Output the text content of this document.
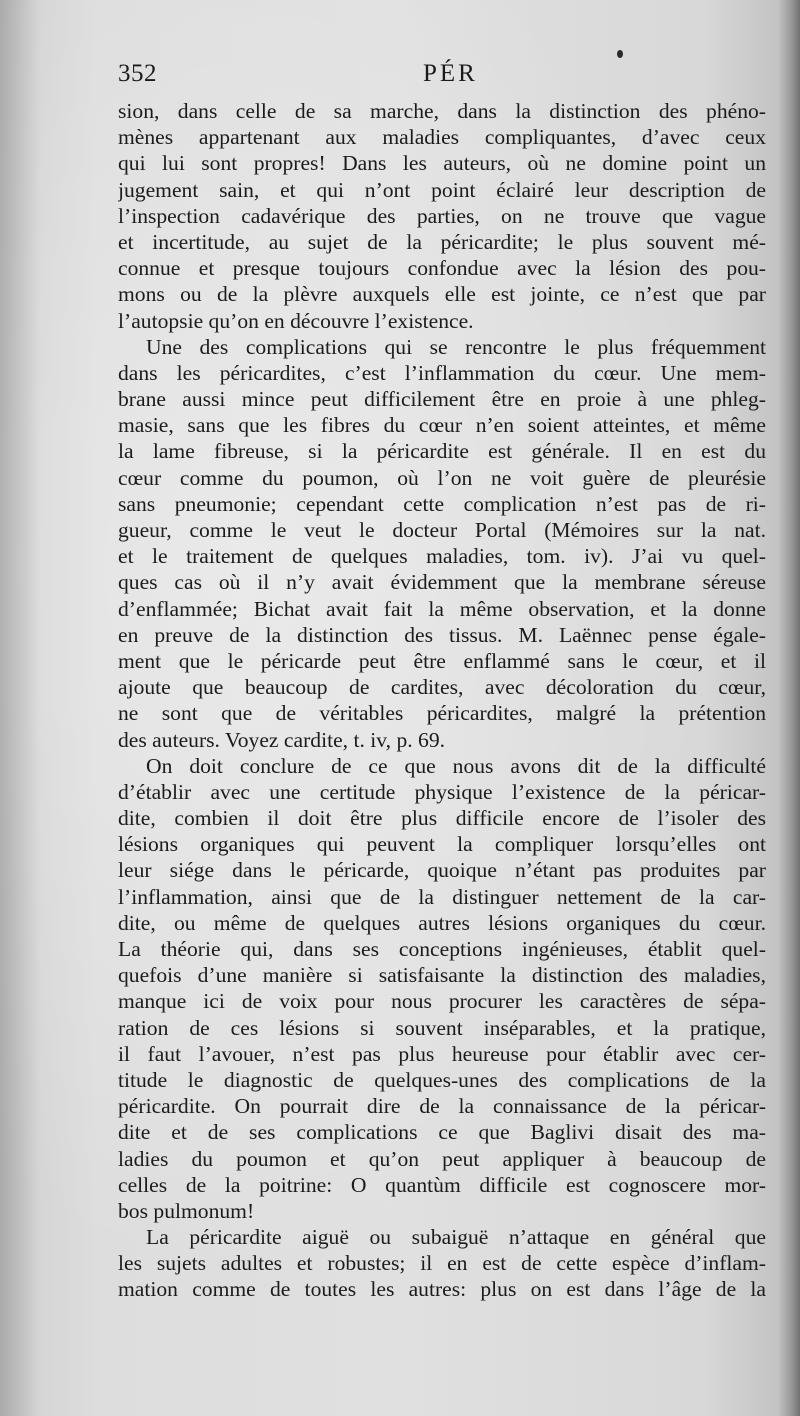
352	PÉR
sion, dans celle de sa marche, dans la distinction des phéno-
mènes appartenant aux maladies compliquantes, d’avec ceux
qui lui sont propres! Dans les auteurs, où ne domine point un
jugement sain, et qui n’ont point éclairé leur description de
l’inspection cadavérique des parties, on ne trouve que vague
et incertitude, au sujet de la péricardite; le plus souvent mé-
connue et presque toujours confondue avec la lésion des pou-
mons ou de la plèvre auxquels elle est jointe, ce n’est que par
l’autopsie qu’on en découvre l’existence.
Une des complications qui se rencontre le plus fréquemment
dans les péricardites, c’est l’inflammation du cœur. Une mem-
brane aussi mince peut difficilement être en proie à une phleg-
masie, sans que les fibres du cœur n’en soient atteintes, et même
la lame fibreuse, si la péricardite est générale. Il en est du
cœur comme du poumon, où l’on ne voit guère de pleurésie
sans pneumonie; cependant cette complication n’est pas de ri-
gueur, comme le veut le docteur Portal (Mémoires sur la nat.
et le traitement de quelques maladies, tom. iv). J’ai vu quel-
ques cas où il n’y avait évidemment que la membrane séreuse
d’enflammée; Bichat avait fait la même observation, et la donne
en preuve de la distinction des tissus. M. Laënnec pense égale-
ment que le péricarde peut être enflammé sans le cœur, et il
ajoute que beaucoup de cardites, avec décoloration du cœur,
ne sont que de véritables péricardites, malgré la prétention
des auteurs. Voyez cardite, t. iv, p. 69.
On doit conclure de ce que nous avons dit de la difficulté
d’établir avec une certitude physique l’existence de la péricar-
dite, combien il doit être plus difficile encore de l’isoler des
lésions organiques qui peuvent la compliquer lorsqu’elles ont
leur siége dans le péricarde, quoique n’étant pas produites par
l’inflammation, ainsi que de la distinguer nettement de la car-
dite, ou même de quelques autres lésions organiques du cœur.
La théorie qui, dans ses conceptions ingénieuses, établit quel-
quefois d’une manière si satisfaisante la distinction des maladies,
manque ici de voix pour nous procurer les caractères de sépa-
ration de ces lésions si souvent inséparables, et la pratique,
il faut l’avouer, n’est pas plus heureuse pour établir avec cer-
titude le diagnostic de quelques-unes des complications de la
péricardite. On pourrait dire de la connaissance de la péricar-
dite et de ses complications ce que Baglivi disait des ma-
ladies du poumon et qu’on peut appliquer à beaucoup de
celles de la poitrine: O quantùm difficile est cognoscere mor-
bos pulmonum!
La péricardite aiguë ou subaiguë n’attaque en général que
les sujets adultes et robustes; il en est de cette espèce d’inflam-
mation comme de toutes les autres: plus on est dans l’âge de la
